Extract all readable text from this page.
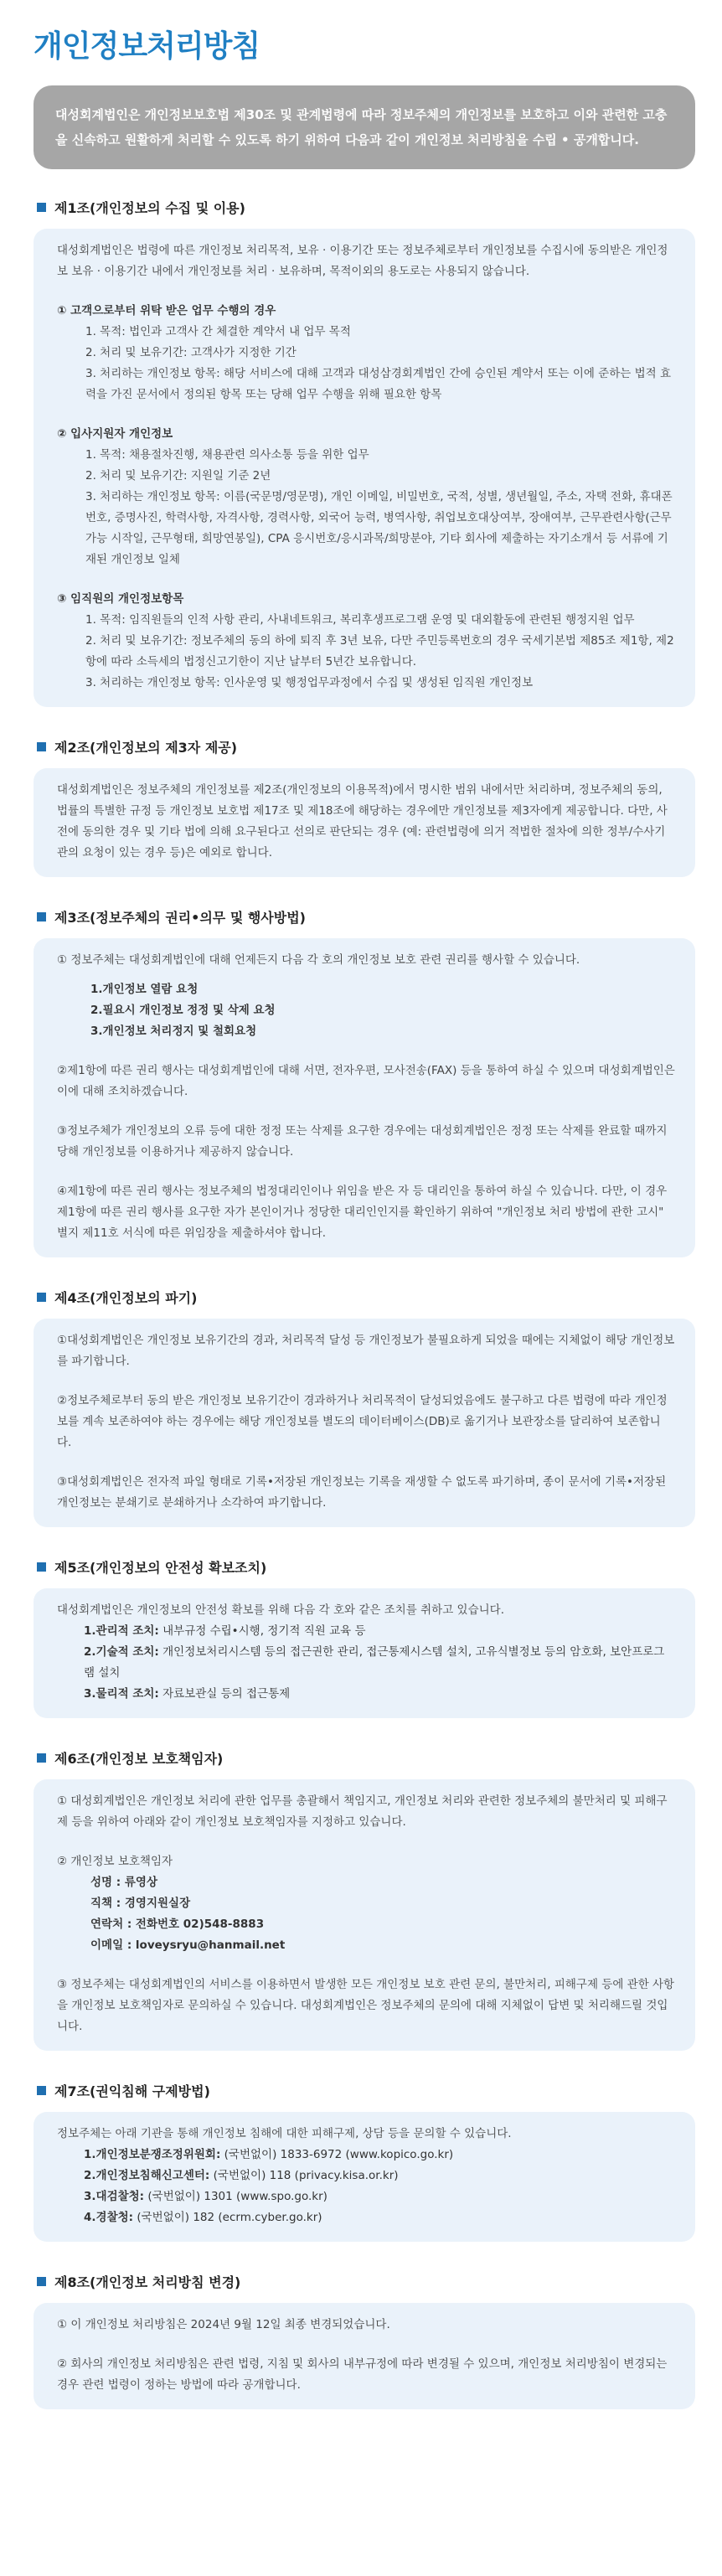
개인정보처리방침
대성회계법인은 개인정보보호법 제30조 및 관계법령에 따라 정보주체의 개인정보를 보호하고 이와 관련한 고충을 신속하고 원활하게 처리할 수 있도록 하기 위하여 다음과 같이 개인정보 처리방침을 수립 • 공개합니다.
제1조(개인정보의 수집 및 이용)

대성회계법인은 법령에 따른 개인정보 처리목적, 보유 · 이용기간 또는 정보주체로부터 개인정보를 수집시에 동의받은 개인정보 보유 · 이용기간 내에서 개인정보를 처리 · 보유하며, 목적이외의 용도로는 사용되지 않습니다.

① 고객으로부터 위탁 받은 업무 수행의 경우

1. 목적: 법인과 고객사 간 체결한 계약서 내 업무 목적

2. 처리 및 보유기간: 고객사가 지정한 기간

3. 처리하는 개인정보 항목: 해당 서비스에 대해 고객과 대성삼경회계법인 간에 승인된 계약서 또는 이에 준하는 법적 효력을 가진 문서에서 정의된 항목 또는 당해 업무 수행을 위해 필요한 항목

② 입사지원자 개인정보

1. 목적: 채용절차진행, 채용관련 의사소통 등을 위한 업무

2. 처리 및 보유기간: 지원일 기준 2년

3. 처리하는 개인정보 항목: 이름(국문명/영문명), 개인 이메일, 비밀번호, 국적, 성별, 생년월일, 주소, 자택 전화, 휴대폰 번호, 증명사진, 학력사항, 자격사항, 경력사항, 외국어 능력, 병역사항, 취업보호대상여부, 장애여부, 근무관련사항(근무가능 시작일, 근무형태, 희망연봉일), CPA 응시번호/응시과목/희망분야, 기타 회사에 제출하는 자기소개서 등 서류에 기재된 개인정보 일체

③ 임직원의 개인정보항목

1. 목적: 임직원들의 인적 사항 관리, 사내네트워크, 복리후생프로그램 운영 및 대외활동에 관련된 행정지원 업무

2. 처리 및 보유기간: 정보주체의 동의 하에 퇴직 후 3년 보유, 다만 주민등록번호의 경우 국세기본법 제85조 제1항, 제2항에 따라 소득세의 법정신고기한이 지난 날부터 5년간 보유합니다.

3. 처리하는 개인정보 항목: 인사운영 및 행정업무과정에서 수집 및 생성된 임직원 개인정보

제2조(개인정보의 제3자 제공)

대성회계법인은 정보주체의 개인정보를 제2조(개인정보의 이용목적)에서 명시한 범위 내에서만 처리하며, 정보주체의 동의, 법률의 특별한 규정 등 개인정보 보호법 제17조 및 제18조에 해당하는 경우에만 개인정보를 제3자에게 제공합니다. 다만, 사전에 동의한 경우 및 기타 법에 의해 요구된다고 선의로 판단되는 경우 (예: 관련법령에 의거 적법한 절차에 의한 정부/수사기관의 요청이 있는 경우 등)은 예외로 합니다.

제3조(정보주체의 권리•의무 및 행사방법)

① 정보주체는 대성회계법인에 대해 언제든지 다음 각 호의 개인정보 보호 관련 권리를 행사할 수 있습니다.

1.개인정보 열람 요청

2.필요시 개인정보 정정 및 삭제 요청

3.개인정보 처리정지 및 철회요청

②제1항에 따른 권리 행사는 대성회계법인에 대해 서면, 전자우편, 모사전송(FAX) 등을 통하여 하실 수 있으며 대성회계법인은 이에 대해 조치하겠습니다.

③정보주체가 개인정보의 오류 등에 대한 정정 또는 삭제를 요구한 경우에는 대성회계법인은 정정 또는 삭제를 완료할 때까지 당해 개인정보를 이용하거나 제공하지 않습니다.

④제1항에 따른 권리 행사는 정보주체의 법정대리인이나 위임을 받은 자 등 대리인을 통하여 하실 수 있습니다. 다만, 이 경우 제1항에 따른 권리 행사를 요구한 자가 본인이거나 정당한 대리인인지를 확인하기 위하여 "개인정보 처리 방법에 관한 고시" 별지 제11호 서식에 따른 위임장을 제출하셔야 합니다.

제4조(개인정보의 파기)

①대성회계법인은 개인정보 보유기간의 경과, 처리목적 달성 등 개인정보가 불필요하게 되었을 때에는 지체없이 해당 개인정보를 파기합니다.

②정보주체로부터 동의 받은 개인정보 보유기간이 경과하거나 처리목적이 달성되었음에도 불구하고 다른 법령에 따라 개인정보를 계속 보존하여야 하는 경우에는 해당 개인정보를 별도의 데이터베이스(DB)로 옮기거나 보관장소를 달리하여 보존합니다.

③대성회계법인은 전자적 파일 형태로 기록•저장된 개인정보는 기록을 재생할 수 없도록 파기하며, 종이 문서에 기록•저장된 개인정보는 분쇄기로 분쇄하거나 소각하여 파기합니다.

제5조(개인정보의 안전성 확보조치)

대성회계법인은 개인정보의 안전성 확보를 위해 다음 각 호와 같은 조치를 취하고 있습니다.

1.관리적 조치: 내부규정 수립•시행, 정기적 직원 교육 등

2.기술적 조치: 개인정보처리시스템 등의 접근권한 관리, 접근통제시스템 설치, 고유식별정보 등의 암호화, 보안프로그램 설치

3.물리적 조치: 자료보관실 등의 접근통제

제6조(개인정보 보호책임자)

① 대성회계법인은 개인정보 처리에 관한 업무를 총괄해서 책임지고, 개인정보 처리와 관련한 정보주체의 불만처리 및 피해구제 등을 위하여 아래와 같이 개인정보 보호책임자를 지정하고 있습니다.

② 개인정보 보호책임자

성명 : 류영상

직책 : 경영지원실장

연락처 : 전화번호 02)548-8883

이메일 : loveysryu@hanmail.net

③ 정보주체는 대성회계법인의 서비스를 이용하면서 발생한 모든 개인정보 보호 관련 문의, 불만처리, 피해구제 등에 관한 사항을 개인정보 보호책임자로 문의하실 수 있습니다. 대성회계법인은 정보주체의 문의에 대해 지체없이 답변 및 처리해드릴 것입니다.

제7조(권익침해 구제방법)

정보주체는 아래 기관을 통해 개인정보 침해에 대한 피해구제, 상담 등을 문의할 수 있습니다.

1.개인정보분쟁조정위원회: (국번없이) 1833-6972 (www.kopico.go.kr)

2.개인정보침해신고센터: (국번없이) 118 (privacy.kisa.or.kr)

3.대검찰청: (국번없이) 1301 (www.spo.go.kr)

4.경찰청: (국번없이) 182 (ecrm.cyber.go.kr)

제8조(개인정보 처리방침 변경)

① 이 개인정보 처리방침은 2024년 9월 12일 최종 변경되었습니다.

② 회사의 개인정보 처리방침은 관련 법령, 지침 및 회사의 내부규정에 따라 변경될 수 있으며, 개인정보 처리방침이 변경되는 경우 관련 법령이 정하는 방법에 따라 공개합니다.
